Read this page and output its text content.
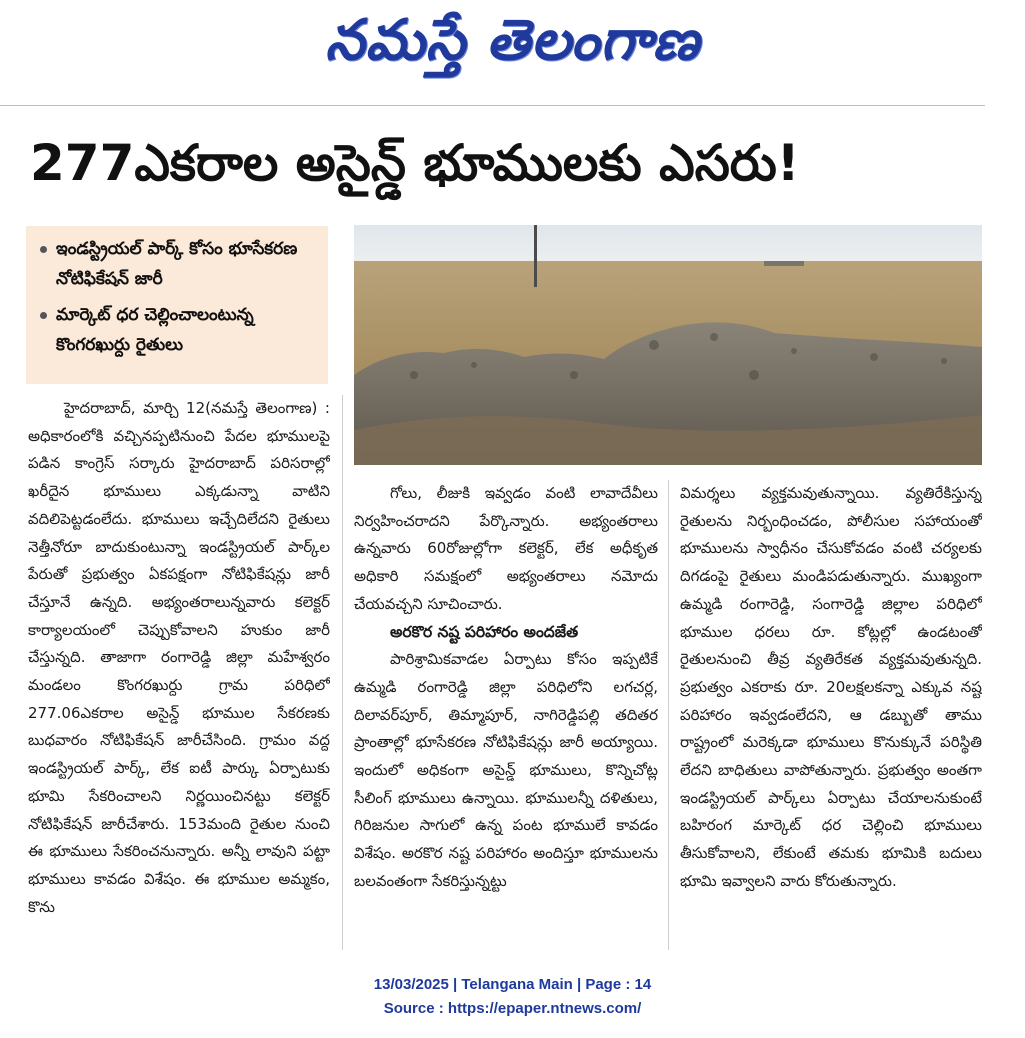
నమస్తే తెలంగాణ
277ఎకరాల అసైన్డ్ భూములకు ఎసరు!
ఇండస్ట్రియల్ పార్క్ కోసం భూసేకరణ నోటిఫికేషన్ జారీ
మార్కెట్ ధర చెల్లించాలంటున్న కొంగరఖుర్దు రైతులు

హైదరాబాద్, మార్చి 12(నమస్తే తెలంగాణ) : అధికారంలోకి వచ్చినప్పటినుంచి పేదల భూములపై పడిన కాంగ్రెస్ సర్కారు హైదరాబాద్ పరిసరాల్లో ఖరీదైన భూములు ఎక్కడున్నా వాటిని వదిలిపెట్టడంలేదు. భూములు ఇచ్చేదిలేదని రైతులు నెత్తీనోరూ బాదుకుంటున్నా ఇండస్ట్రియల్ పార్క్‌ల పేరుతో ప్రభుత్వం ఏకపక్షంగా నోటిఫికేషన్లు జారీ చేస్తూనే ఉన్నది. అభ్యంతరాలున్నవారు కలెక్టర్ కార్యాలయంలో చెప్పుకోవాలని హుకుం జారీ చేస్తున్నది. తాజాగా రంగారెడ్డి జిల్లా మహేశ్వరం మండలం కొంగరఖుర్దు గ్రామ పరిధిలో 277.06ఎకరాల అసైన్డ్ భూముల సేకరణకు బుధవారం నోటిఫికేషన్ జారీచేసింది. గ్రామం వద్ద ఇండస్ట్రియల్ పార్క్, లేక ఐటీ పార్కు ఏర్పాటుకు భూమి సేకరించాలని నిర్ణయించినట్టు కలెక్టర్ నోటిఫికేషన్ జారీచేశారు. 153మంది రైతుల నుంచి ఈ భూములు సేకరించనున్నారు. అన్నీ లావుని పట్టా భూములు కావడం విశేషం. ఈ భూముల అమ్మకం, కొను

గోలు, లీజుకి ఇవ్వడం వంటి లావాదేవీలు నిర్వహించరాదని పేర్కొన్నారు. అభ్యంతరాలు ఉన్నవారు 60రోజుల్లోగా కలెక్టర్, లేక అధీకృత అధికారి సమక్షంలో అభ్యంతరాలు నమోదు చేయవచ్చని సూచించారు.

అరకొర నష్ట పరిహారం అందజేత

పారిశ్రామికవాడల ఏర్పాటు కోసం ఇప్పటికే ఉమ్మడి రంగారెడ్డి జిల్లా పరిధిలోని లగచర్ల, దిలావర్‌పూర్, తిమ్మాపూర్, నాగిరెడ్డిపల్లి తదితర ప్రాంతాల్లో భూసేకరణ నోటిఫికేషన్లు జారీ అయ్యాయి. ఇందులో అధికంగా అసైన్డ్ భూములు, కొన్నిచోట్ల సీలింగ్ భూములు ఉన్నాయి. భూములన్నీ దళితులు, గిరిజనుల సాగులో ఉన్న పంట భూములే కావడం విశేషం. అరకొర నష్ట పరిహారం అందిస్తూ భూములను బలవంతంగా సేకరిస్తున్నట్టు

విమర్శలు వ్యక్తమవుతున్నాయి. వ్యతిరేకిస్తున్న రైతులను నిర్బంధించడం, పోలీసుల సహాయంతో భూములను స్వాధీనం చేసుకోవడం వంటి చర్యలకు దిగడంపై రైతులు మండిపడుతున్నారు. ముఖ్యంగా ఉమ్మడి రంగారెడ్డి, సంగారెడ్డి జిల్లాల పరిధిలో భూముల ధరలు రూ. కోట్లల్లో ఉండటంతో రైతులనుంచి తీవ్ర వ్యతిరేకత వ్యక్తమవుతున్నది. ప్రభుత్వం ఎకరాకు రూ. 20లక్షలకన్నా ఎక్కువ నష్ట పరిహారం ఇవ్వడంలేదని, ఆ డబ్బుతో తాము రాష్ట్రంలో మరెక్కడా భూములు కొనుక్కునే పరిస్థితి లేదని బాధితులు వాపోతున్నారు. ప్రభుత్వం అంతగా ఇండస్ట్రియల్ పార్క్‌లు ఏర్పాటు చేయాలనుకుంటే బహిరంగ మార్కెట్ ధర చెల్లించి భూములు తీసుకోవాలని, లేకుంటే తమకు భూమికి బదులు భూమి ఇవ్వాలని వారు కోరుతున్నారు.

13/03/2025 | Telangana Main | Page : 14
Source : https://epaper.ntnews.com/
